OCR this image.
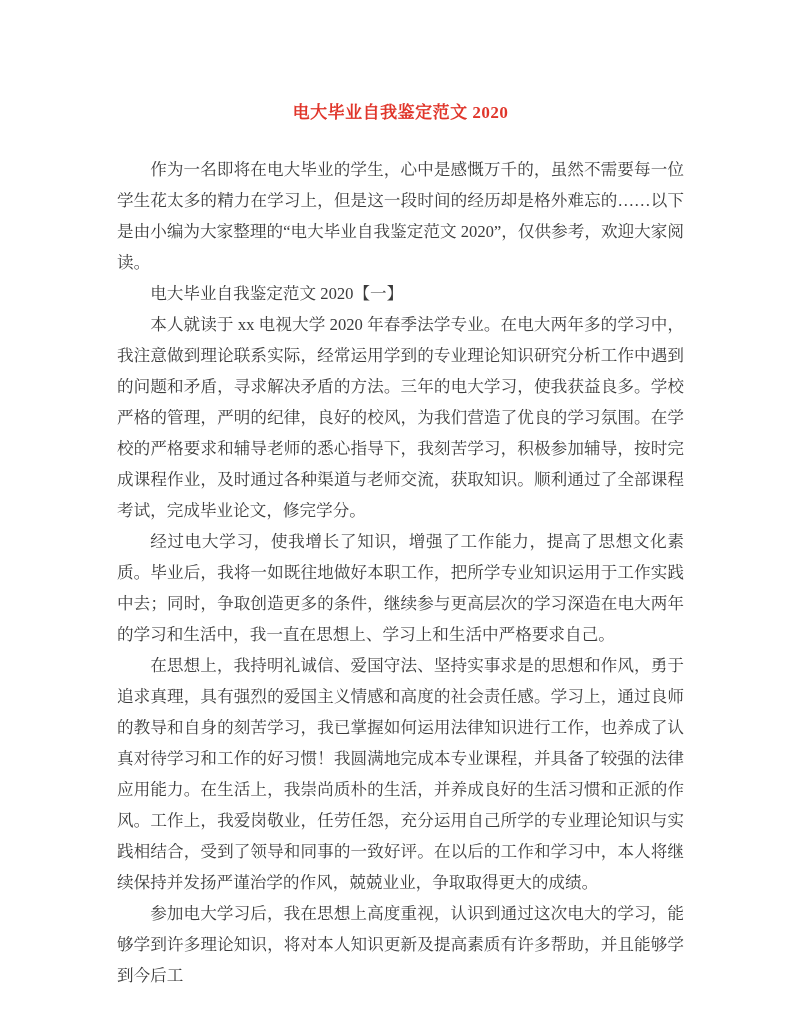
电大毕业自我鉴定范文 2020

作为一名即将在电大毕业的学生，心中是感慨万千的，虽然不需要每一位学生花太多的精力在学习上，但是这一段时间的经历却是格外难忘的……以下是由小编为大家整理的“电大毕业自我鉴定范文 2020”，仅供参考，欢迎大家阅读。

电大毕业自我鉴定范文 2020【一】

本人就读于 xx 电视大学 2020 年春季法学专业。在电大两年多的学习中，我注意做到理论联系实际，经常运用学到的专业理论知识研究分析工作中遇到的问题和矛盾，寻求解决矛盾的方法。三年的电大学习，使我获益良多。学校严格的管理，严明的纪律，良好的校风，为我们营造了优良的学习氛围。在学校的严格要求和辅导老师的悉心指导下，我刻苦学习，积极参加辅导，按时完成课程作业，及时通过各种渠道与老师交流，获取知识。顺利通过了全部课程考试，完成毕业论文，修完学分。

经过电大学习，使我增长了知识，增强了工作能力，提高了思想文化素质。毕业后，我将一如既往地做好本职工作，把所学专业知识运用于工作实践中去；同时，争取创造更多的条件，继续参与更高层次的学习深造在电大两年的学习和生活中，我一直在思想上、学习上和生活中严格要求自己。

在思想上，我持明礼诚信、爱国守法、坚持实事求是的思想和作风，勇于追求真理，具有强烈的爱国主义情感和高度的社会责任感。学习上，通过良师的教导和自身的刻苦学习，我已掌握如何运用法律知识进行工作，也养成了认真对待学习和工作的好习惯！我圆满地完成本专业课程，并具备了较强的法律应用能力。在生活上，我崇尚质朴的生活，并养成良好的生活习惯和正派的作风。工作上，我爱岗敬业，任劳任怨，充分运用自己所学的专业理论知识与实践相结合，受到了领导和同事的一致好评。在以后的工作和学习中，本人将继续保持并发扬严谨治学的作风，兢兢业业，争取取得更大的成绩。

参加电大学习后，我在思想上高度重视，认识到通过这次电大的学习，能够学到许多理论知识，将对本人知识更新及提高素质有许多帮助，并且能够学到今后工
